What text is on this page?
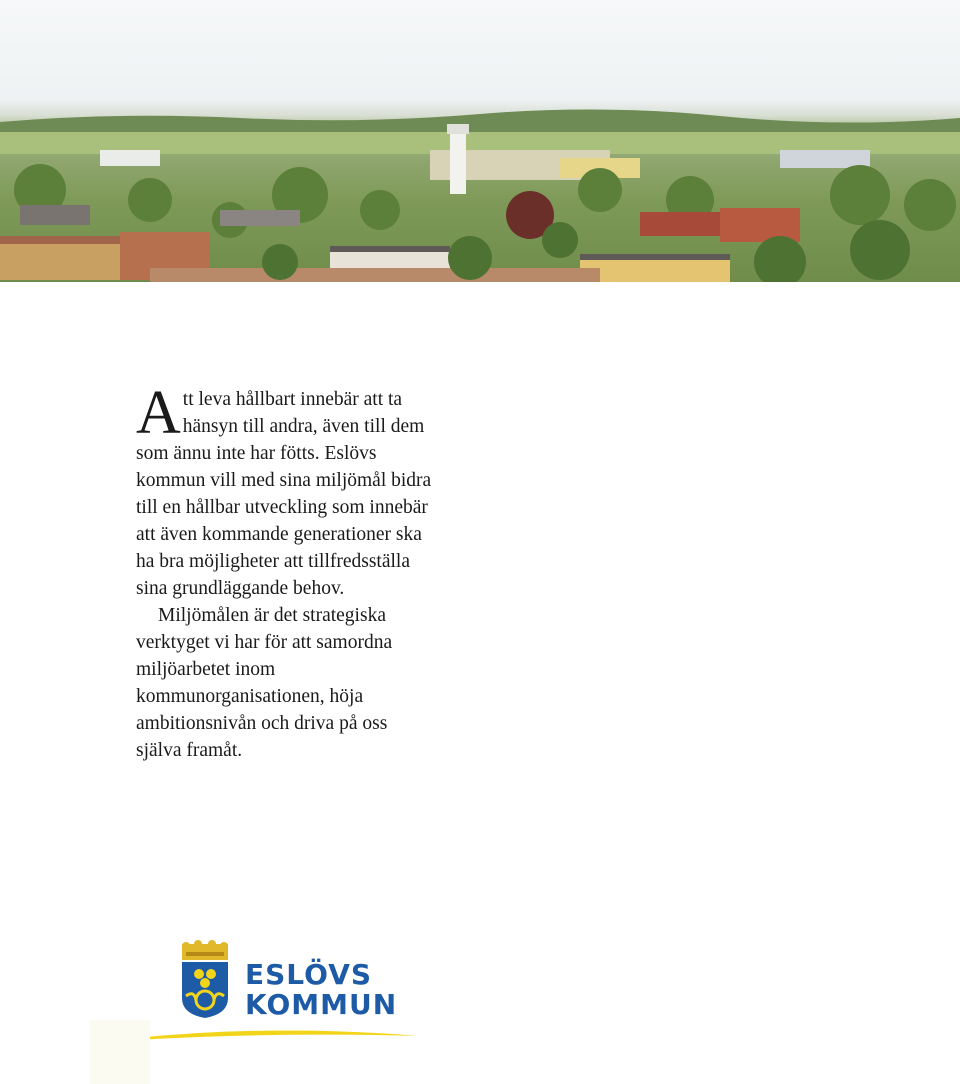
Att leva hållbart innebär att ta hänsyn till andra, även till dem som ännu inte har fötts. Eslövs kommun vill med sina miljömål bidra till en hållbar utveckling som innebär att även kommande generationer ska ha bra möjligheter att tillfredsställa sina grundläggande behov.

Miljömålen är det strategiska verktyget vi har för att samordna miljöarbetet inom kommunorganisationen, höja ambitionsnivån och driva på oss själva framåt.

ESLÖVS
KOMMUN
